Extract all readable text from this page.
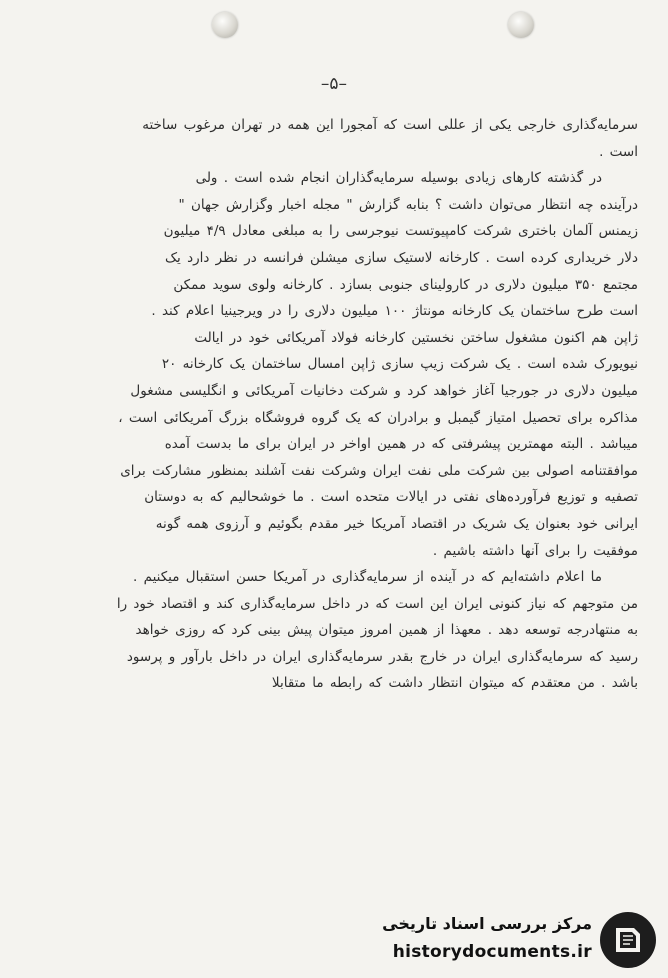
–۵–
سرمایه‌گذاری خارجی یکی از عللی است که آمجورا این همه در تهران مرغوب ساخته
است .
در گذشته کارهای زیادی بوسیله سرمایه‌گذاران انجام شده است . ولی
درآینده چه انتظار می‌توان داشت ؟ بنابه گزارش " مجله اخبار وگزارش جهان "
زیمنس آلمان باختری شرکت کامپیوتست نیوجرسی را به مبلغی معادل ۴/۹ میلیون
دلار خریداری کرده است . کارخانه لاستیک سازی میشلن فرانسه در نظر دارد یک
مجتمع ۳۵۰ میلیون دلاری در کارولینای جنوبی بسازد . کارخانه ولوی سوید ممکن
است طرح ساختمان یک کارخانه مونتاژ ۱۰۰ میلیون دلاری را در ویرجینیا اعلام کند .
ژاپن هم اکنون مشغول ساختن نخستین کارخانه فولاد آمریکائی خود در ایالت
نیویورک شده است . یک شرکت زیپ سازی ژاپن امسال ساختمان یک کارخانه ۲۰
میلیون دلاری در جورجیا آغاز خواهد کرد و شرکت دخانیات آمریکائی و انگلیسی مشغول
مذاکره برای تحصیل امتیاز گیمبل و برادران که یک گروه فروشگاه بزرگ آمریکائی است ،
میباشد . البته مهمترین پیشرفتی که در همین اواخر در ایران برای ما بدست آمده
موافقتنامه اصولی بین شرکت ملی نفت ایران وشرکت نفت آشلند بمنظور مشارکت برای
تصفیه و توزیع فرآورده‌های نفتی در ایالات متحده است . ما خوشحالیم که به دوستان
ایرانی خود بعنوان یک شریک در اقتصاد آمریکا خیر مقدم بگوئیم و آرزوی همه گونه
موفقیت را برای آنها داشته باشیم .
ما اعلام داشته‌ایم که در آینده از سرمایه‌گذاری در آمریکا حسن استقبال میکنیم .
من متوجهم که نیاز کنونی ایران این است که در داخل سرمایه‌گذاری کند و اقتصاد خود را
به منتهادرجه توسعه دهد . معهذا از همین امروز میتوان پیش بینی کرد که روزی خواهد
رسید که سرمایه‌گذاری ایران در خارج بقدر سرمایه‌گذاری ایران در داخل بارآور و پرسود
باشد . من معتقدم که میتوان انتظار داشت که رابطه ما متقابلا
مرکز بررسی اسناد تاریخی
historydocuments.ir
